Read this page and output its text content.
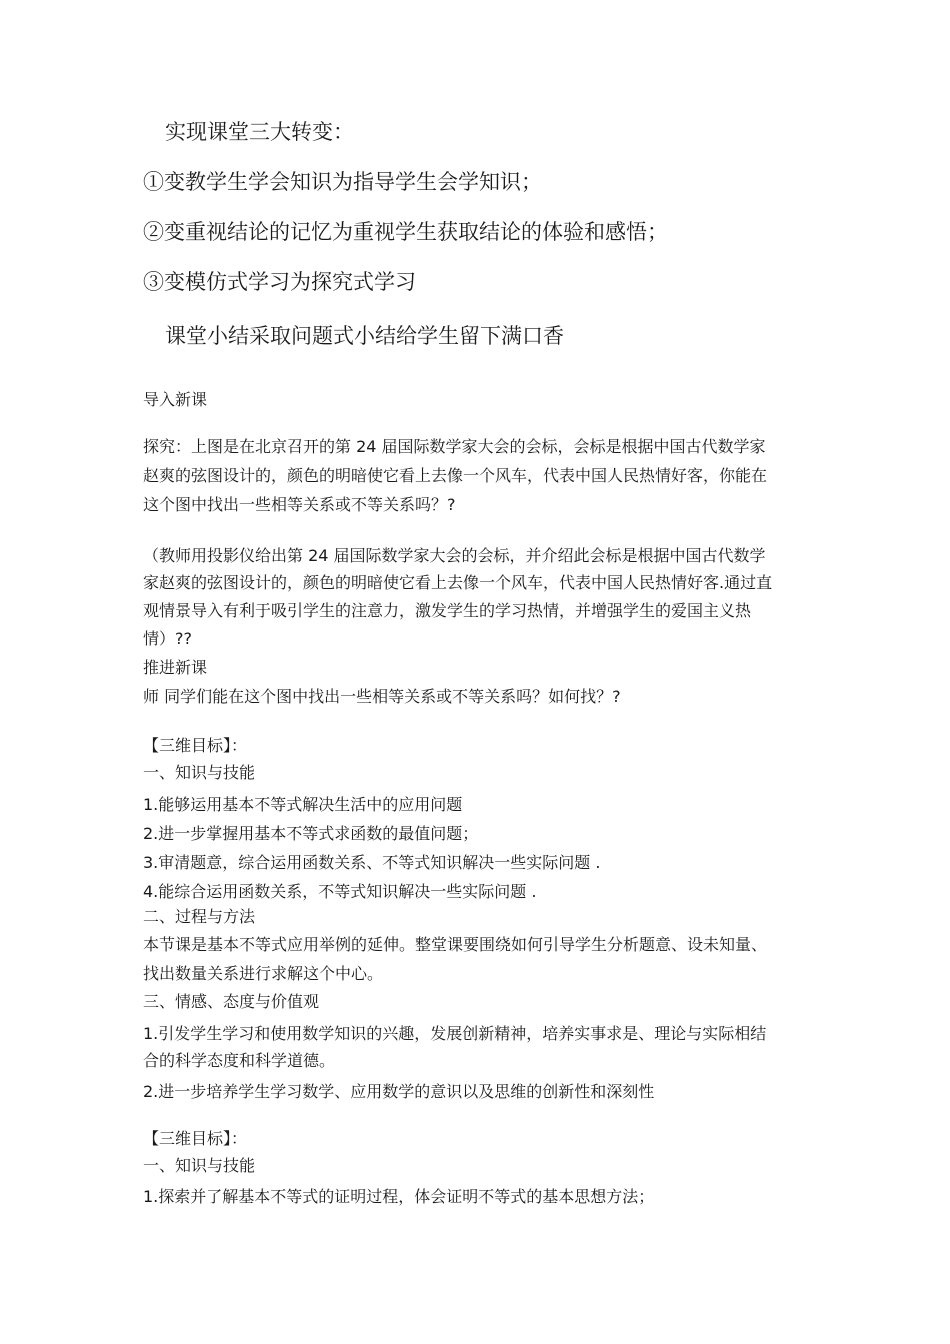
实现课堂三大转变：
①变教学生学会知识为指导学生会学知识；
②变重视结论的记忆为重视学生获取结论的体验和感悟；
③变模仿式学习为探究式学习
课堂小结采取问题式小结给学生留下满口香
导入新课
探究：上图是在北京召开的第 24 届国际数学家大会的会标，会标是根据中国古代数学家
赵爽的弦图设计的，颜色的明暗使它看上去像一个风车，代表中国人民热情好客，你能在
这个图中找出一些相等关系或不等关系吗？?
（教师用投影仪给出第 24 届国际数学家大会的会标，并介绍此会标是根据中国古代数学
家赵爽的弦图设计的，颜色的明暗使它看上去像一个风车，代表中国人民热情好客.通过直
观情景导入有利于吸引学生的注意力，激发学生的学习热情，并增强学生的爱国主义热
情）??
推进新课
师 同学们能在这个图中找出一些相等关系或不等关系吗？如何找？?
【三维目标】：
一、知识与技能
1.能够运用基本不等式解决生活中的应用问题
2.进一步掌握用基本不等式求函数的最值问题；
3.审清题意，综合运用函数关系、不等式知识解决一些实际问题 .
4.能综合运用函数关系，不等式知识解决一些实际问题 .
二、过程与方法
本节课是基本不等式应用举例的延伸。整堂课要围绕如何引导学生分析题意、设未知量、
找出数量关系进行求解这个中心。
三、情感、态度与价值观
1.引发学生学习和使用数学知识的兴趣，发展创新精神，培养实事求是、理论与实际相结
合的科学态度和科学道德。
2.进一步培养学生学习数学、应用数学的意识以及思维的创新性和深刻性
【三维目标】：
一、知识与技能
1.探索并了解基本不等式的证明过程，体会证明不等式的基本思想方法；
